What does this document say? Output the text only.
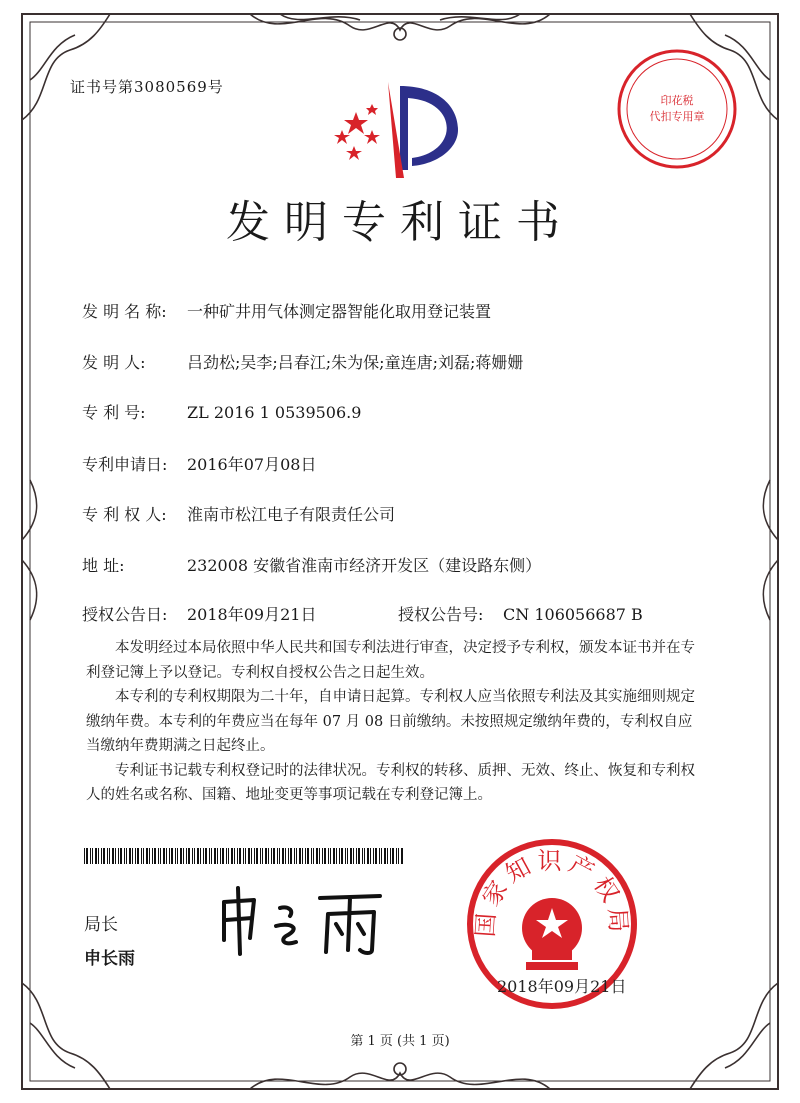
证书号第3080569号
印花税
代扣专用章
发明专利证书
发 明 名 称: 一种矿井用气体测定器智能化取用登记装置
发 明 人:	吕劲松;吴李;吕春江;朱为保;童连唐;刘磊;蒋姗姗
专 利 号:	ZL 2016 1 0539506.9
专利申请日: 2016年07月08日
专 利 权 人: 淮南市松江电子有限责任公司
地 址:	232008 安徽省淮南市经济开发区（建设路东侧）
授权公告日: 2018年09月21日	授权公告号: CN 106056687 B

本发明经过本局依照中华人民共和国专利法进行审查，决定授予专利权，颁发本证书并在专利登记簿上予以登记。专利权自授权公告之日起生效。

本专利的专利权期限为二十年，自申请日起算。专利权人应当依照专利法及其实施细则规定缴纳年费。本专利的年费应当在每年 07 月 08 日前缴纳。未按照规定缴纳年费的，专利权自应当缴纳年费期满之日起终止。

专利证书记载专利权登记时的法律状况。专利权的转移、质押、无效、终止、恢复和专利权人的姓名或名称、国籍、地址变更等事项记载在专利登记簿上。

局长
申长雨
国家知识产权局
2018年09月21日
第 1 页 (共 1 页)
